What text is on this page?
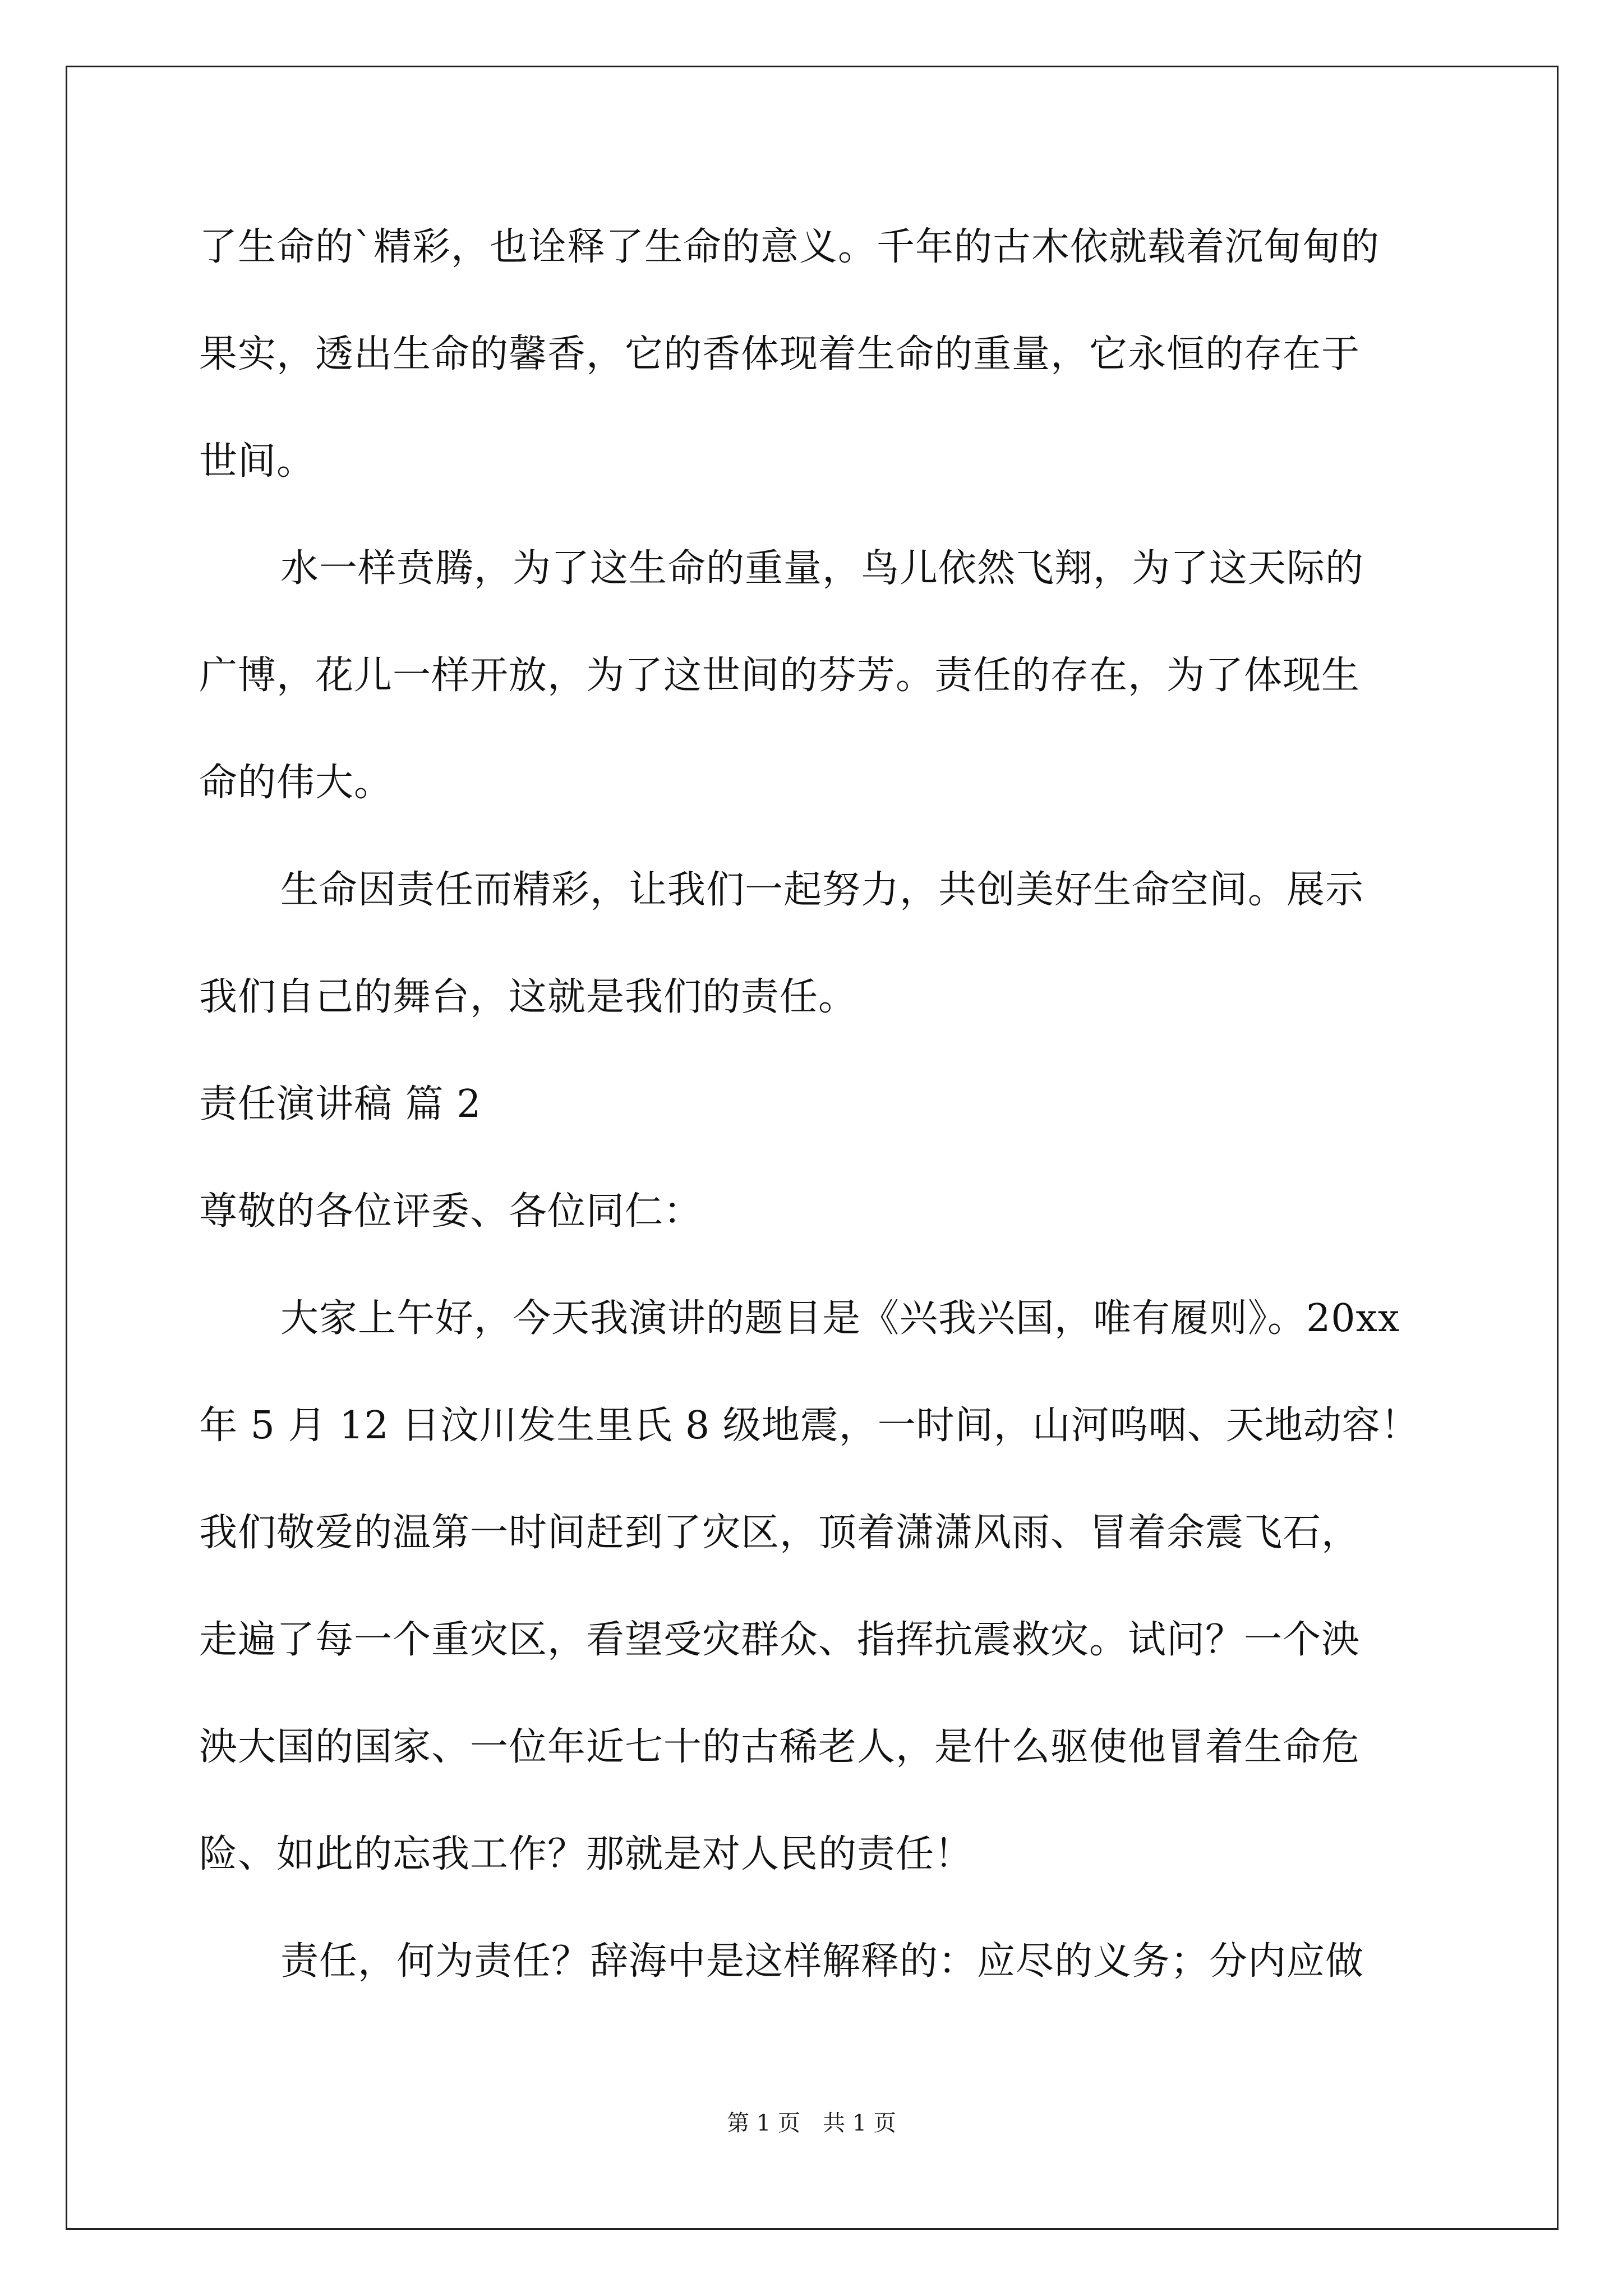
了生命的`精彩，也诠释了生命的意义。千年的古木依就载着沉甸甸的
果实，透出生命的馨香，它的香体现着生命的重量，它永恒的存在于
世间。
水一样贲腾，为了这生命的重量，鸟儿依然飞翔，为了这天际的
广博，花儿一样开放，为了这世间的芬芳。责任的存在，为了体现生
命的伟大。
生命因责任而精彩，让我们一起努力，共创美好生命空间。展示
我们自己的舞台，这就是我们的责任。
责任演讲稿 篇 2
尊敬的各位评委、各位同仁：
大家上午好，今天我演讲的题目是《兴我兴国，唯有履则》。20xx
年 5 月 12 日汶川发生里氏 8 级地震，一时间，山河呜咽、天地动容！
我们敬爱的温第一时间赶到了灾区，顶着潇潇风雨、冒着余震飞石，
走遍了每一个重灾区，看望受灾群众、指挥抗震救灾。试问？一个泱
泱大国的国家、一位年近七十的古稀老人，是什么驱使他冒着生命危
险、如此的忘我工作？那就是对人民的责任！
责任，何为责任？辞海中是这样解释的：应尽的义务；分内应做
第 1 页　共 1 页
